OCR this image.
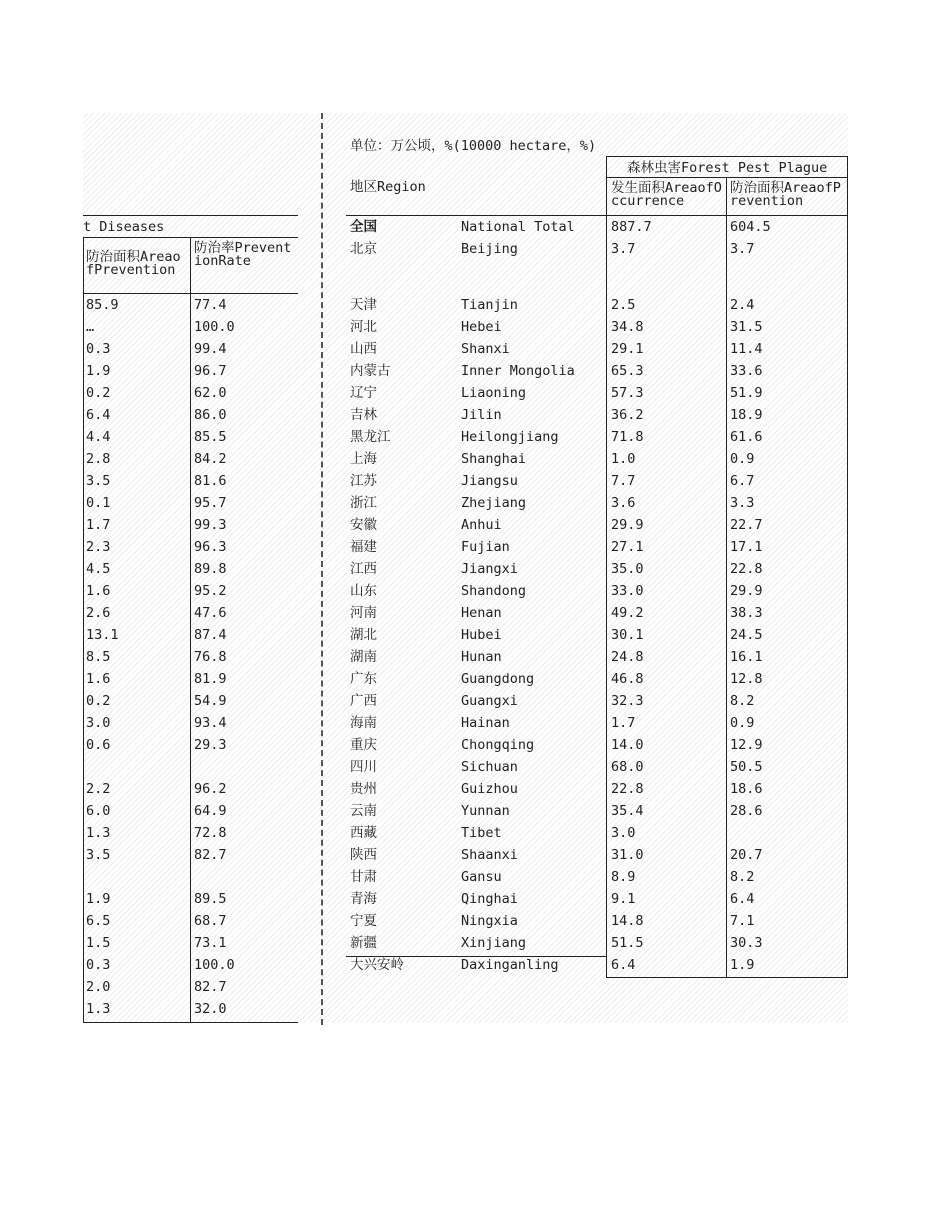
t Diseases
防治面积AreaofPrevention
防治率PreventionRate
85.9	77.4
…	100.0
0.3	99.4
1.9	96.7
0.2	62.0
6.4	86.0
4.4	85.5
2.8	84.2
3.5	81.6
0.1	95.7
1.7	99.3
2.3	96.3
4.5	89.8
1.6	95.2
2.6	47.6
13.1	87.4
8.5	76.8
1.6	81.9
0.2	54.9
3.0	93.4
0.6	29.3
2.2	96.2
6.0	64.9
1.3	72.8
3.5	82.7
1.9	89.5
6.5	68.7
1.5	73.1
0.3	100.0
2.0	82.7
1.3	32.0
单位：万公顷，%(10000 hectare，%)
森林虫害Forest Pest Plague
地区Region	发生面积AreaofOccurrence
防治面积AreaofPrevention
全国	National Total	887.7	604.5
北京	Beijing	3.7	3.7
天津	Tianjin	2.5	2.4
河北	Hebei	34.8	31.5
山西	Shanxi	29.1	11.4
内蒙古	Inner Mongolia	65.3	33.6
辽宁	Liaoning	57.3	51.9
吉林	Jilin	36.2	18.9
黑龙江	Heilongjiang	71.8	61.6
上海	Shanghai	1.0	0.9
江苏	Jiangsu	7.7	6.7
浙江	Zhejiang	3.6	3.3
安徽	Anhui	29.9	22.7
福建	Fujian	27.1	17.1
江西	Jiangxi	35.0	22.8
山东	Shandong	33.0	29.9
河南	Henan	49.2	38.3
湖北	Hubei	30.1	24.5
湖南	Hunan	24.8	16.1
广东	Guangdong	46.8	12.8
广西	Guangxi	32.3	8.2
海南	Hainan	1.7	0.9
重庆	Chongqing	14.0	12.9
四川	Sichuan	68.0	50.5
贵州	Guizhou	22.8	18.6
云南	Yunnan	35.4	28.6
西藏	Tibet	3.0
陕西	Shaanxi	31.0	20.7
甘肃	Gansu	8.9	8.2
青海	Qinghai	9.1	6.4
宁夏	Ningxia	14.8	7.1
新疆	Xinjiang	51.5	30.3
大兴安岭	Daxinganling	6.4	1.9
